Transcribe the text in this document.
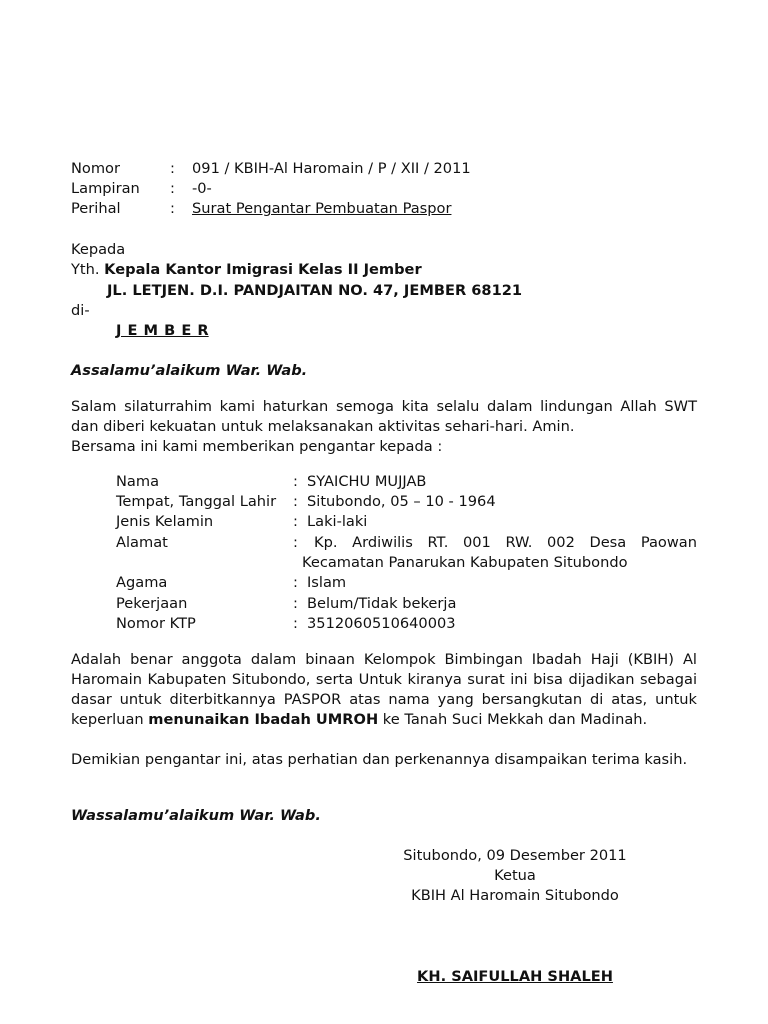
Nomor	: 091 / KBIH-Al Haromain / P / XII / 2011
Lampiran : -0-
Perihal	:	Surat Pengantar Pembuatan Paspor
Kepada
Yth. Kepala Kantor Imigrasi Kelas II Jember
JL. LETJEN. D.I. PANDJAITAN NO. 47, JEMBER 68121
di-
J E M B E R
Assalamu’alaikum War. Wab.
Salam silaturrahim kami haturkan semoga kita selalu dalam lindungan Allah SWT dan diberi kekuatan untuk melaksanakan aktivitas sehari-hari. Amin.
Bersama ini kami memberikan pengantar kepada :
Nama	: SYAICHU MUJJAB
Tempat, Tanggal Lahir : Situbondo, 05 – 10 - 1964
Jenis Kelamin	: Laki-laki
Alamat	:	Kp. Ardiwilis RT. 001 RW. 002 Desa Paowan Kecamatan Panarukan Kabupaten Situbondo
Agama	: Islam
Pekerjaan	: Belum/Tidak bekerja
Nomor KTP	: 3512060510640003
Adalah benar anggota dalam binaan Kelompok Bimbingan Ibadah Haji (KBIH) Al Haromain Kabupaten Situbondo, serta Untuk kiranya surat ini bisa dijadikan sebagai dasar untuk diterbitkannya PASPOR atas nama yang bersangkutan di atas, untuk keperluan menunaikan Ibadah UMROH ke Tanah Suci Mekkah dan Madinah.
Demikian pengantar ini, atas perhatian dan perkenannya disampaikan terima kasih.
Wassalamu’alaikum War. Wab.
Situbondo, 09 Desember 2011
Ketua
KBIH Al Haromain Situbondo
KH. SAIFULLAH SHALEH
